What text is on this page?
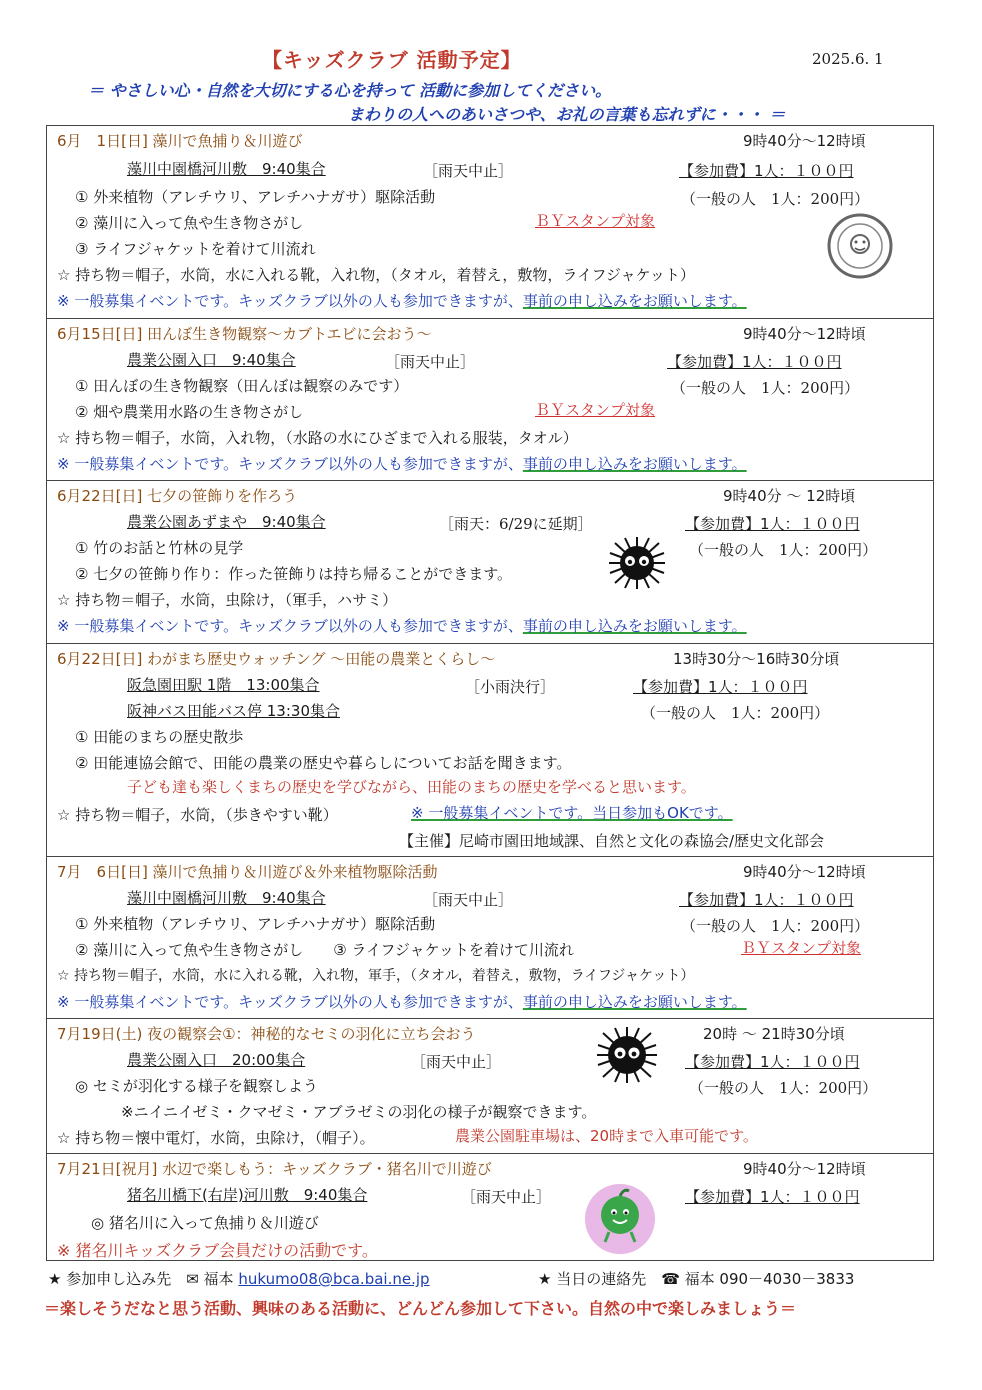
【キッズクラブ 活動予定】	2025.6. 1
＝ やさしい心・自然を大切にする心を持って 活動に参加してください。
まわりの人へのあいさつや、お礼の言葉も忘れずに・・・ ＝
6月　1日[日] 藻川で魚捕り＆川遊び	9時40分～12時頃
藻川中園橋河川敷　9:40集合	［雨天中止］	【参加費】1人：１００円
① 外来植物（アレチウリ、アレチハナガサ）駆除活動	（一般の人　1人：200円）
② 藻川に入って魚や生き物さがし	ＢＹスタンプ対象
③ ライフジャケットを着けて川流れ
☆ 持ち物＝帽子，水筒，水に入れる靴，入れ物，（タオル，着替え，敷物，ライフジャケット）
※ 一般募集イベントです。キッズクラブ以外の人も参加できますが、事前の申し込みをお願いします。
6月15日[日] 田んぼ生き物観察～カブトエビに会おう～	9時40分～12時頃
農業公園入口　9:40集合	［雨天中止］	【参加費】1人：１００円
① 田んぼの生き物観察（田んぼは観察のみです）	（一般の人　1人：200円）
② 畑や農業用水路の生き物さがし	ＢＹスタンプ対象
☆ 持ち物＝帽子，水筒，入れ物，（水路の水にひざまで入れる服装，タオル）
※ 一般募集イベントです。キッズクラブ以外の人も参加できますが、事前の申し込みをお願いします。
6月22日[日] 七夕の笹飾りを作ろう	9時40分 ～ 12時頃
農業公園あずまや　9:40集合	［雨天：6/29に延期］	【参加費】1人：１００円
① 竹のお話と竹林の見学	（一般の人　1人：200円）
② 七夕の笹飾り作り：作った笹飾りは持ち帰ることができます。
☆ 持ち物＝帽子，水筒，虫除け，（軍手，ハサミ）
※ 一般募集イベントです。キッズクラブ以外の人も参加できますが、事前の申し込みをお願いします。
6月22日[日] わがまち歴史ウォッチング ～田能の農業とくらし～	13時30分～16時30分頃
阪急園田駅 1階　13:00集合	［小雨決行］	【参加費】1人：１００円
阪神バス田能バス停 13:30集合	（一般の人　1人：200円）
① 田能のまちの歴史散歩
② 田能連協会館で、田能の農業の歴史や暮らしについてお話を聞きます。
子ども達も楽しくまちの歴史を学びながら、田能のまちの歴史を学べると思います。
☆ 持ち物＝帽子，水筒，（歩きやすい靴）	※ 一般募集イベントです。当日参加もOKです。
【主催】尼崎市園田地域課、自然と文化の森協会/歴史文化部会
7月　6日[日] 藻川で魚捕り＆川遊び＆外来植物駆除活動	9時40分～12時頃
藻川中園橋河川敷　9:40集合	［雨天中止］	【参加費】1人：１００円
① 外来植物（アレチウリ、アレチハナガサ）駆除活動	（一般の人　1人：200円）
② 藻川に入って魚や生き物さがし　　③ ライフジャケットを着けて川流れ	ＢＹスタンプ対象
☆ 持ち物＝帽子，水筒，水に入れる靴，入れ物，軍手，（タオル，着替え，敷物，ライフジャケット）
※ 一般募集イベントです。キッズクラブ以外の人も参加できますが、事前の申し込みをお願いします。
7月19日(土) 夜の観察会①：神秘的なセミの羽化に立ち会おう	20時 ～ 21時30分頃
農業公園入口　20:00集合	［雨天中止］	【参加費】1人：１００円
◎ セミが羽化する様子を観察しよう	（一般の人　1人：200円）
※ニイニイゼミ・クマゼミ・アブラゼミの羽化の様子が観察できます。
☆ 持ち物＝懐中電灯，水筒，虫除け，（帽子）。	農業公園駐車場は、20時まで入車可能です。
7月21日[祝月] 水辺で楽しもう：キッズクラブ・猪名川で川遊び	9時40分～12時頃
猪名川橋下(右岸)河川敷　9:40集合	［雨天中止］	【参加費】1人：１００円
◎ 猪名川に入って魚捕り＆川遊び
※ 猪名川キッズクラブ会員だけの活動です。
★ 参加申し込み先　✉ 福本 hukumo08@bca.bai.ne.jp	★ 当日の連絡先　☎ 福本 090－4030－3833
＝楽しそうだなと思う活動、興味のある活動に、どんどん参加して下さい。自然の中で楽しみましょう＝
